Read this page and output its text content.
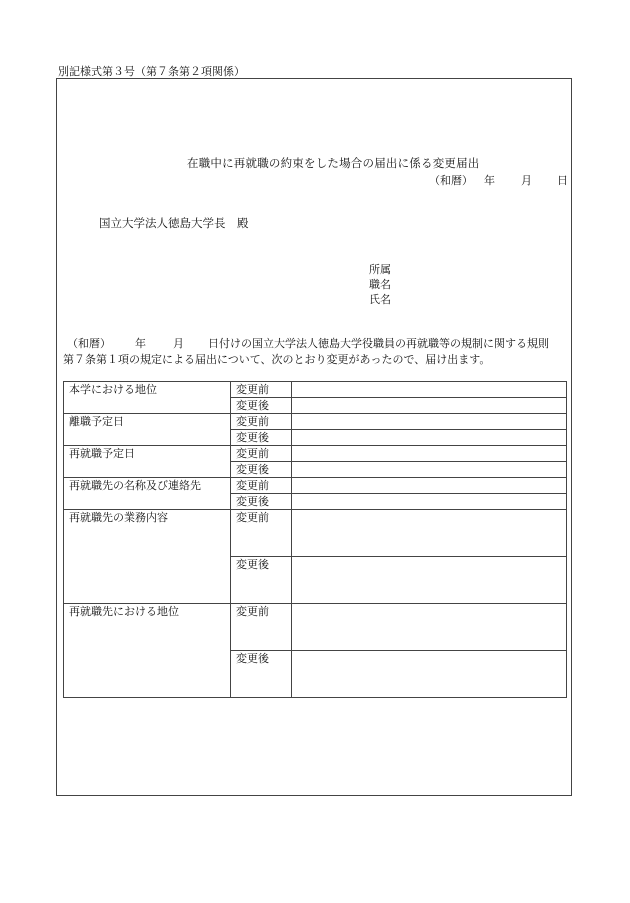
別記様式第３号（第７条第２項関係）
（和暦） 年 月 日
在職中に再就職の約束をした場合の届出に係る変更届出
国立大学法人徳島大学長　殿
所属
職名
氏名
（和暦） 年 月 日付けの国立大学法人徳島大学役職員の再就職等の規制に関する規則
第７条第１項の規定による届出について、次のとおり変更があったので、届け出ます。
本学における地位	変更前	
	変更後	
離職予定日	変更前	
	変更後	
再就職予定日	変更前	
	変更後	
再就職先の名称及び連絡先	変更前	
	変更後	
再就職先の業務内容	変更前	
	変更後	
再就職先における地位	変更前	
	変更後	
